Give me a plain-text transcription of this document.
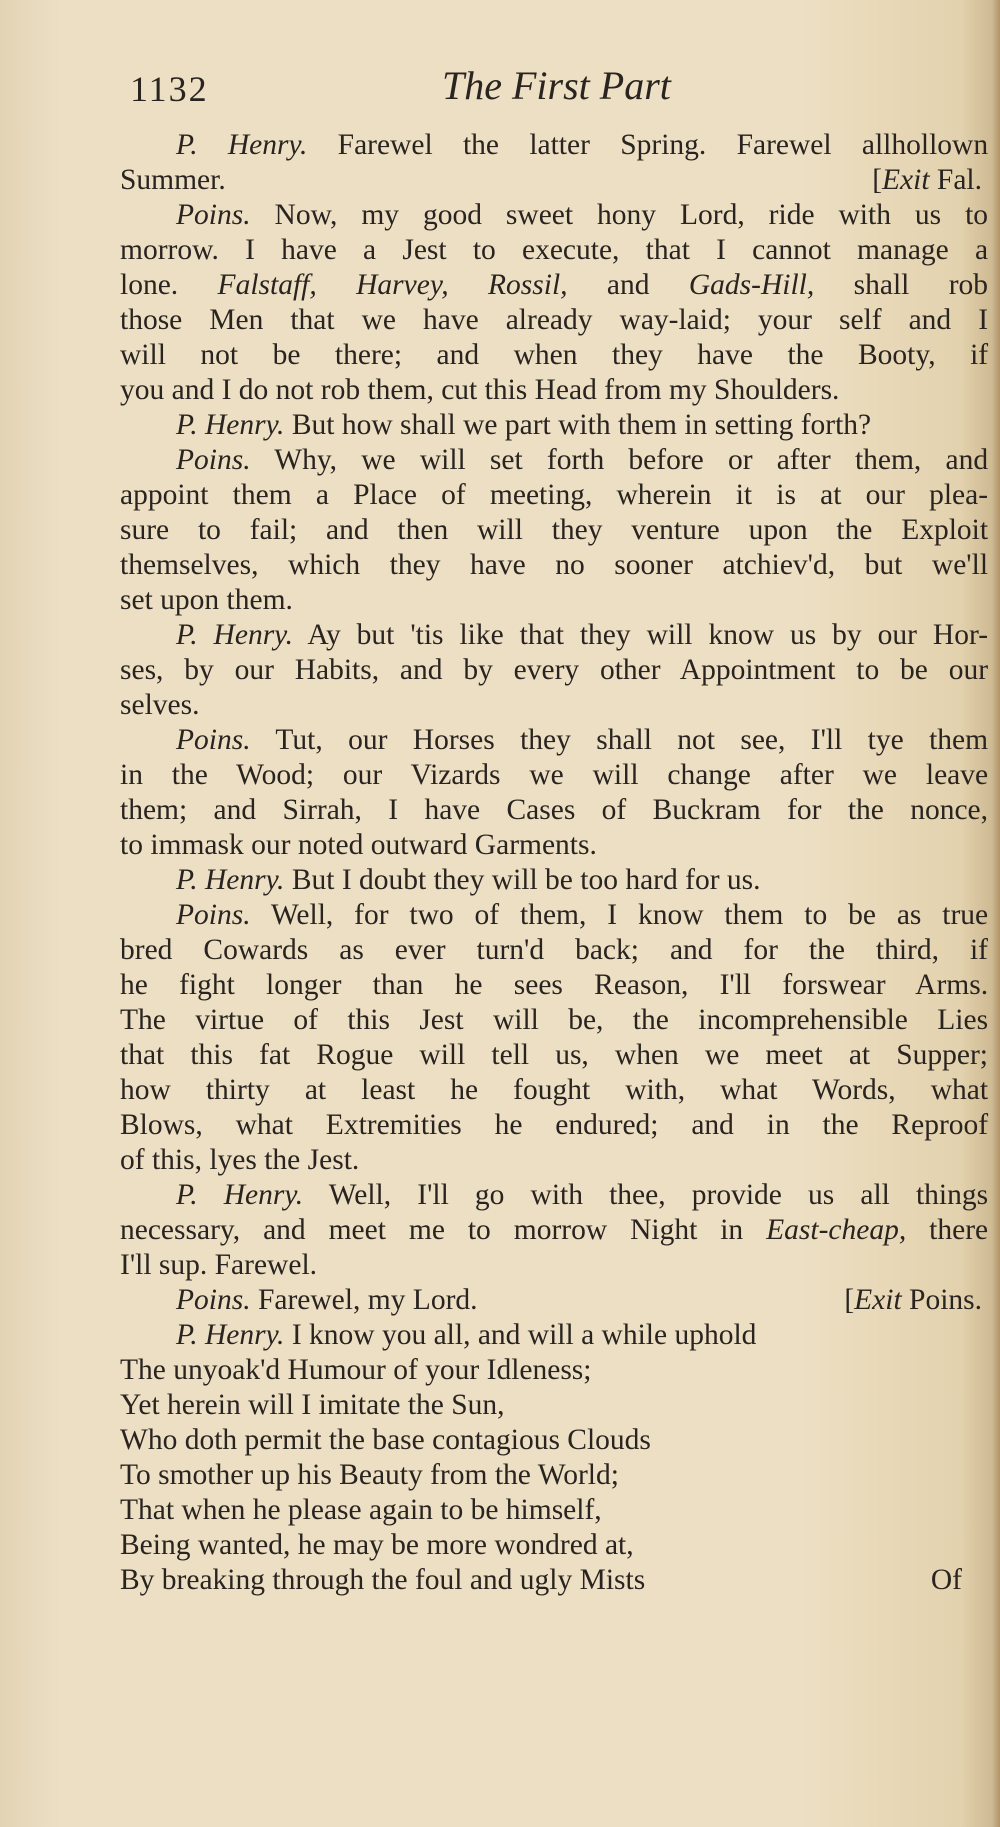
1132	The First Part
P. Henry. Farewel the latter Spring. Farewel allhollown
Summer.	[Exit Fal.
Poins. Now, my good sweet hony Lord, ride with us to
morrow. I have a Jest to execute, that I cannot manage a
lone. Falstaff, Harvey, Rossil, and Gads-Hill, shall rob
those Men that we have already way-laid; your self and I
will not be there; and when they have the Booty, if
you and I do not rob them, cut this Head from my Shoulders.
P. Henry. But how shall we part with them in setting forth?
Poins. Why, we will set forth before or after them, and
appoint them a Place of meeting, wherein it is at our plea-
sure to fail; and then will they venture upon the Exploit
themselves, which they have no sooner atchiev'd, but we'll
set upon them.
P. Henry. Ay but 'tis like that they will know us by our Hor-
ses, by our Habits, and by every other Appointment to be our
selves.
Poins. Tut, our Horses they shall not see, I'll tye them
in the Wood; our Vizards we will change after we leave
them; and Sirrah, I have Cases of Buckram for the nonce,
to immask our noted outward Garments.
P. Henry. But I doubt they will be too hard for us.
Poins. Well, for two of them, I know them to be as true
bred Cowards as ever turn'd back; and for the third, if
he fight longer than he sees Reason, I'll forswear Arms.
The virtue of this Jest will be, the incomprehensible Lies
that this fat Rogue will tell us, when we meet at Supper;
how thirty at least he fought with, what Words, what
Blows, what Extremities he endured; and in the Reproof
of this, lyes the Jest.
P. Henry. Well, I'll go with thee, provide us all things
necessary, and meet me to morrow Night in East-cheap, there
I'll sup. Farewel.
Poins. Farewel, my Lord.	[Exit Poins.
P. Henry. I know you all, and will a while uphold
The unyoak'd Humour of your Idleness;
Yet herein will I imitate the Sun,
Who doth permit the base contagious Clouds
To smother up his Beauty from the World;
That when he please again to be himself,
Being wanted, he may be more wondred at,
By breaking through the foul and ugly Mists	Of
